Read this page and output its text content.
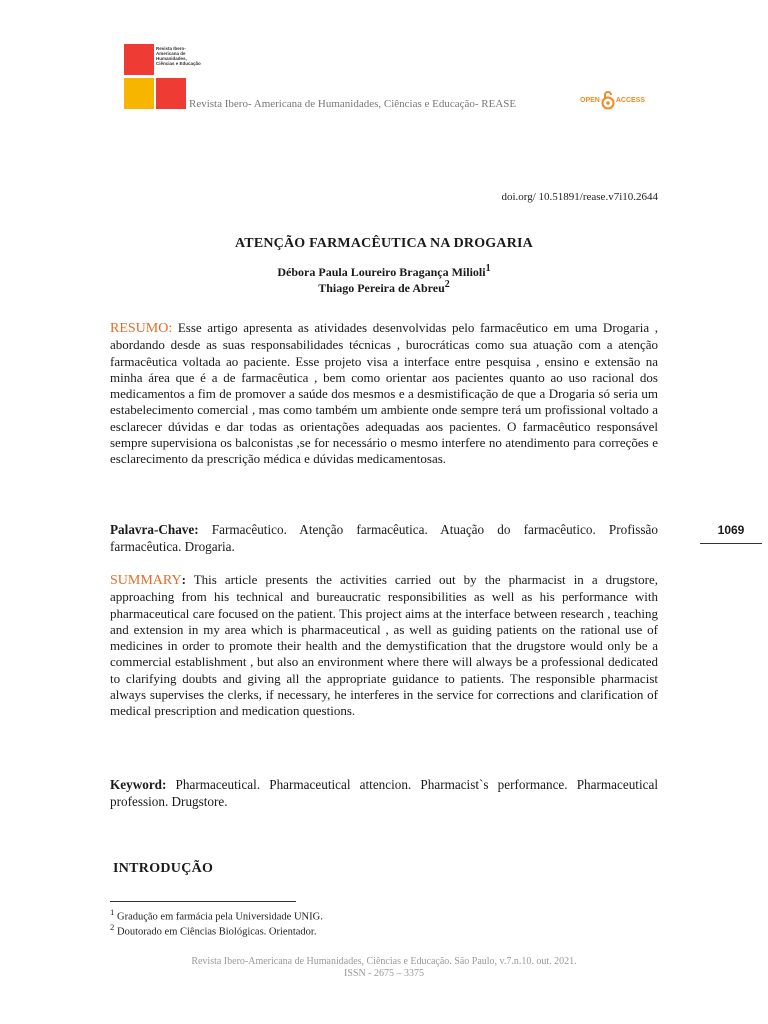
Revista Ibero-Americana de Humanidades, Ciências e Educação
Revista Ibero- Americana de Humanidades, Ciências e Educação- REASE	OPEN ACCESS
doi.org/ 10.51891/rease.v7i10.2644
ATENÇÃO FARMACÊUTICA NA DROGARIA
Débora Paula Loureiro Bragança Milioli$^1$
Thiago Pereira de Abreu$^2$

RESUMO: Esse artigo apresenta as atividades desenvolvidas pelo farmacêutico em uma Drogaria , abordando desde as suas responsabilidades técnicas , burocráticas como sua atuação com a atenção farmacêutica voltada ao paciente. Esse projeto visa a interface entre pesquisa , ensino e extensão na minha área que é a de farmacêutica , bem como orientar aos pacientes quanto ao uso racional dos medicamentos a fim de promover a saúde dos mesmos e a desmistificação de que a Drogaria só seria um estabelecimento comercial , mas como também um ambiente onde sempre terá um profissional voltado a esclarecer dúvidas e dar todas as orientações adequadas aos pacientes. O farmacêutico responsável sempre supervisiona os balconistas ,se for necessário o mesmo interfere no atendimento para correções e esclarecimento da prescrição médica e dúvidas medicamentosas.

Palavra-Chave: Farmacêutico. Atenção farmacêutica. Atuação do farmacêutico. Profissão farmacêutica. Drogaria.

1069

SUMMARY: This article presents the activities carried out by the pharmacist in a drugstore, approaching from his technical and bureaucratic responsibilities as well as his performance with pharmaceutical care focused on the patient. This project aims at the interface between research , teaching and extension in my area which is pharmaceutical , as well as guiding patients on the rational use of medicines in order to promote their health and the demystification that the drugstore would only be a commercial establishment , but also an environment where there will always be a professional dedicated to clarifying doubts and giving all the appropriate guidance to patients. The responsible pharmacist always supervises the clerks, if necessary, he interferes in the service for corrections and clarification of medical prescription and medication questions.

Keyword: Pharmaceutical. Pharmaceutical attencion. Pharmacist`s performance. Pharmaceutical profession. Drugstore.

INTRODUÇÃO
$^1$ Gradução em farmácia pela Universidade UNIG.
$^2$ Doutorado em Ciências Biológicas. Orientador.
Revista Ibero-Americana de Humanidades, Ciências e Educação. São Paulo, v.7.n.10. out. 2021.
ISSN - 2675 – 3375
